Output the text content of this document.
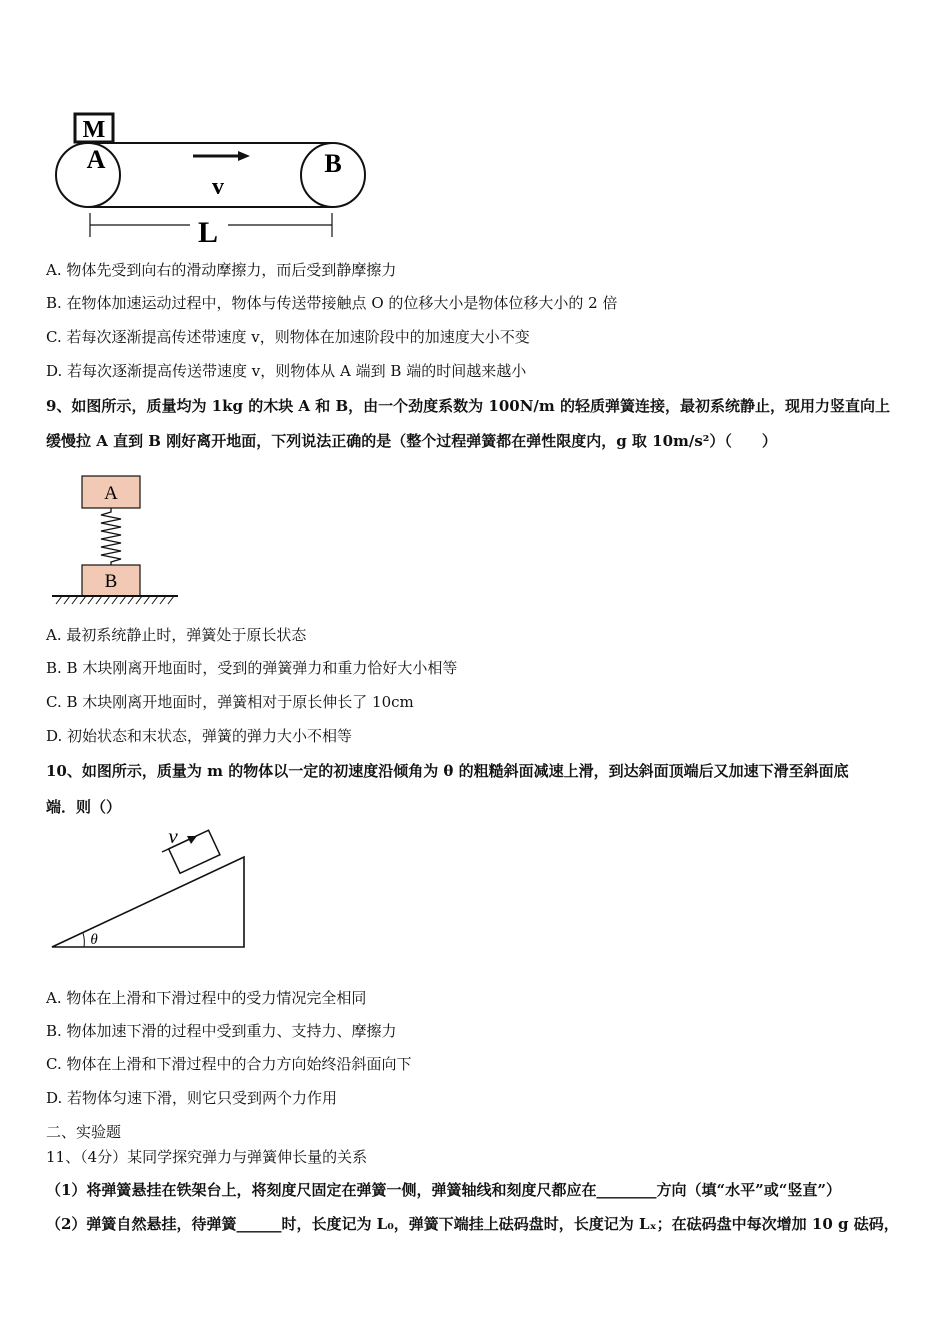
M
A	B
v
L
A. 物体先受到向右的滑动摩擦力，而后受到静摩擦力
B. 在物体加速运动过程中，物体与传送带接触点 O 的位移大小是物体位移大小的 2 倍
C. 若每次逐渐提高传述带速度 v，则物体在加速阶段中的加速度大小不变
D. 若每次逐渐提高传送带速度 v，则物体从 A 端到 B 端的时间越来越小
9、如图所示，质量均为 1kg 的木块 A 和 B，由一个劲度系数为 100N/m 的轻质弹簧连接，最初系统静止，现用力竖直向上
缓慢拉 A 直到 B 刚好离开地面，下列说法正确的是（整个过程弹簧都在弹性限度内，g 取 10m/s²）（　　）
A
B
A. 最初系统静止时，弹簧处于原长状态
B. B 木块刚离开地面时，受到的弹簧弹力和重力恰好大小相等
C. B 木块刚离开地面时，弹簧相对于原长伸长了 10cm
D. 初始状态和末状态，弹簧的弹力大小不相等
10、如图所示，质量为 m 的物体以一定的初速度沿倾角为 θ 的粗糙斜面减速上滑，到达斜面顶端后又加速下滑至斜面底
端．则（）
v
θ
A. 物体在上滑和下滑过程中的受力情况完全相同
B. 物体加速下滑的过程中受到重力、支持力、摩擦力
C. 物体在上滑和下滑过程中的合力方向始终沿斜面向下
D. 若物体匀速下滑，则它只受到两个力作用
二、实验题
11、（4分）某同学探究弹力与弹簧伸长量的关系
（1）将弹簧悬挂在铁架台上，将刻度尺固定在弹簧一侧，弹簧轴线和刻度尺都应在________方向（填“水平”或“竖直”）
（2）弹簧自然悬挂，待弹簧______时，长度记为 L₀，弹簧下端挂上砝码盘时，长度记为 Lₓ；在砝码盘中每次增加 10 g 砝码，
